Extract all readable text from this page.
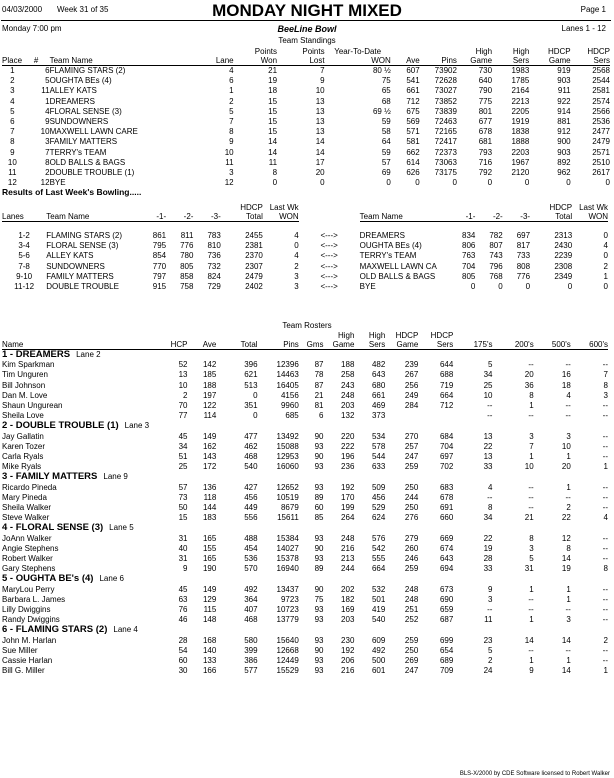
04/03/2000 Week 31 of 35	MONDAY NIGHT MIXED	Page 1
Monday 7:00 pm	BeeLine Bowl	Lanes 1 - 12
Team Standings
				Points	Points	Year-To-Date			High	High	HDCP	HDCP
Place	#	Team Name	Lane	Won	Lost	WON	Ave	Pins	Game	Sers	Game	Sers
1	6	FLAMING STARS (2)	4	21	7	80 ½	607	73902	730	1983	919	2568
2	5	OUGHTA BEs (4)	6	19	9	75	541	72628	640	1785	903	2544
3	11	ALLEY KATS	1	18	10	65	661	73027	790	2164	911	2581
4	1	DREAMERS	2	15	13	68	712	73852	775	2213	922	2574
5	4	FLORAL SENSE (3)	5	15	13	69 ½	675	73839	801	2205	914	2566
6	9	SUNDOWNERS	7	15	13	59	569	72463	677	1919	881	2536
7	10	MAXWELL LAWN CARE	8	15	13	58	571	72165	678	1838	912	2477
8	3	FAMILY MATTERS	9	14	14	64	581	72417	681	1888	900	2479
9	7	TERRY's TEAM	10	14	14	59	662	72373	793	2203	903	2571
10	8	OLD BALLS & BAGS	11	11	17	57	614	73063	716	1967	892	2510
11	2	DOUBLE TROUBLE (1)	3	8	20	69	626	73175	792	2120	962	2617
12	12	BYE	12	0	0	0	0	0	0	0	0	0
Results of Last Week's Bowling.....
1-2	FLAMING STARS (2)	861	811	783	2455	4	<--->	DREAMERS	834	782	697	2313	0
3-4	FLORAL SENSE (3)	795	776	810	2381	0	<--->	OUGHTA BEs (4)	806	807	817	2430	4
5-6	ALLEY KATS	854	780	736	2370	4	<--->	TERRY's TEAM	763	743	733	2239	0
7-8	SUNDOWNERS	770	805	732	2307	2	<--->	MAXWELL LAWN CA	704	796	808	2308	2
9-10	FAMILY MATTERS	797	858	824	2479	3	<--->	OLD BALLS & BAGS	805	768	776	2349	1
11-12	DOUBLE TROUBLE	915	758	729	2402	3	<--->	BYE	0	0	0	0	0
					HDCP	Last Wk						HDCP	Last Wk
Lanes	Team Name	-1-	-2-	-3-	Total	WON		Team Name	-1-	-2-	-3-	Total	WON
Team Rosters
						High	High	HDCP	HDCP				
Name	HCP	Ave	Total	Pins	Gms	Game	Sers	Game	Sers	175's	200's	500's	600's
1 - DREAMERS Lane 2													
Kim Sparkman	52	142	396	12396	87	188	482	239	644	5	--	--	--
Tim Unguren	13	185	621	14463	78	258	643	267	688	34	20	16	7
Bill Johnson	10	188	513	16405	87	243	680	256	719	25	36	18	8
Dan M. Love	2	197	0	4156	21	248	661	249	664	10	8	4	3
Shaun Ungurean	70	122	351	9960	81	203	469	284	712	--	1	--	--
Sheila Love	77	114	0	685	6	132	373			--	--	--	--
2 - DOUBLE TROUBLE (1) Lane 3													
Jay Gallatin	45	149	477	13492	90	220	534	270	684	13	3	3	--
Karen Tozer	34	162	462	15088	93	222	578	257	704	22	7	10	--
Carla Ryals	51	143	468	12953	90	196	544	247	697	13	1	1	--
Mike Ryals	25	172	540	16060	93	236	633	259	702	33	10	20	1
3 - FAMILY MATTERS Lane 9													
Ricardo Pineda	57	136	427	12652	93	192	509	250	683	4	--	1	--
Mary Pineda	73	118	456	10519	89	170	456	244	678	--	--	--	--
Sheila Walker	50	144	449	8679	60	199	529	250	691	8	--	2	--
Steve Walker	15	183	556	15611	85	264	624	276	660	34	21	22	4
4 - FLORAL SENSE (3) Lane 5													
JoAnn Walker	31	165	488	15384	93	248	576	279	669	22	8	12	--
Angie Stephens	40	155	454	14027	90	216	542	260	674	19	3	8	--
Robert Walker	31	165	536	15378	93	213	555	246	643	28	5	14	--
Gary Stephens	9	190	570	16940	89	244	664	259	694	33	31	19	8
5 - OUGHTA BE's (4) Lane 6													
MaryLou Perry	45	149	492	13437	90	202	532	248	673	9	1	1	--
Barbara L. James	63	129	364	9723	75	182	501	248	690	3	--	1	--
Lilly Dwiggins	76	115	407	10723	93	169	419	251	659	--	--	--	--
Randy Dwiggins	46	148	468	13779	93	203	540	252	687	11	1	3	--
6 - FLAMING STARS (2) Lane 4													
John M. Harlan	28	168	580	15640	93	230	609	259	699	23	14	14	2
Sue Miller	54	140	399	12668	90	192	492	250	654	5	--	--	--
Cassie Harlan	60	133	386	12449	93	206	500	269	689	2	1	1	--
Bill G. Miller	30	166	577	15529	93	216	601	247	709	24	9	14	1
BLS-X/2000 by CDE Software licensed to Robert Walker
